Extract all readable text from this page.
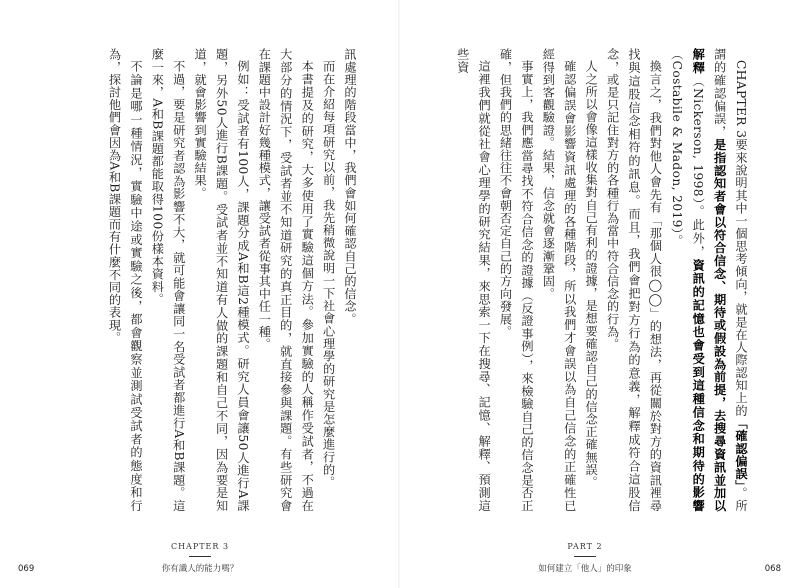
訊處理的階段當中，我們會如何確認自己的信念。

而在介紹每項研究以前，我先稍微說明一下社會心理學的研究是怎麼進行的。

本書提及的研究，大多使用了實驗這個方法。參加實驗的人稱作受試者，不過在大部分的情況下，受試者並不知道研究的真正目的，就直接參與課題。有些研究會在課題中設計好幾種模式，讓受試者從事其中任一種。

例如：受試者有100人，課題分成A和B這2種模式。研究人員會讓50人進行A課題，另外50人進行B課題。受試者並不知道有人做的課題和自己不同，因為要是知道，就會影響到實驗結果。

不過，要是研究者認為影響不大，就可能會讓同一名受試者都進行A和B課題。這麼一來，A和B課題都能取得100份樣本資料。

不論是哪一種情況，實驗中途或實驗之後，都會觀察並測試受試者的態度和行為，探討他們會因為A和B課題而有什麼不同的表現。

CHAPTER 3
你有識人的能力嗎？
069

CHAPTER 3要來說明其中一個思考傾向，就是在人際認知上的「確認偏誤」。所謂的確認偏誤，是指認知者會以符合信念、期待或假設為前提，去搜尋資訊並加以解釋（Nickerson, 1998）。此外，資訊的記憶也會受到這種信念和期待的影響（Costabile & Madon, 2019）。

換言之，我們對他人會先有「那個人很◯◯」的想法，再從關於對方的資訊裡尋找與這股信念相符的訊息。而且，我們會把對方行為的意義，解釋成符合這股信念，或是只記住對方的各種行為當中符合信念的行為。

人之所以會像這樣收集對自己有利的證據，是想要確認自己的信念正確無誤。

確認偏誤會影響資訊處理的各種階段，所以我們才會誤以為自己信念的正確性已經得到客觀驗證。結果，信念就會逐漸鞏固。

事實上，我們應當尋找不符合信念的證據（反證事例），來檢驗自己的信念是否正確，但我們的思緒往往不會朝否定自己的方向發展。

這裡我們就從社會心理學的研究結果，來思索一下在搜尋、記憶、解釋、預測這些資

PART 2
如何建立「他人」的印象	068
